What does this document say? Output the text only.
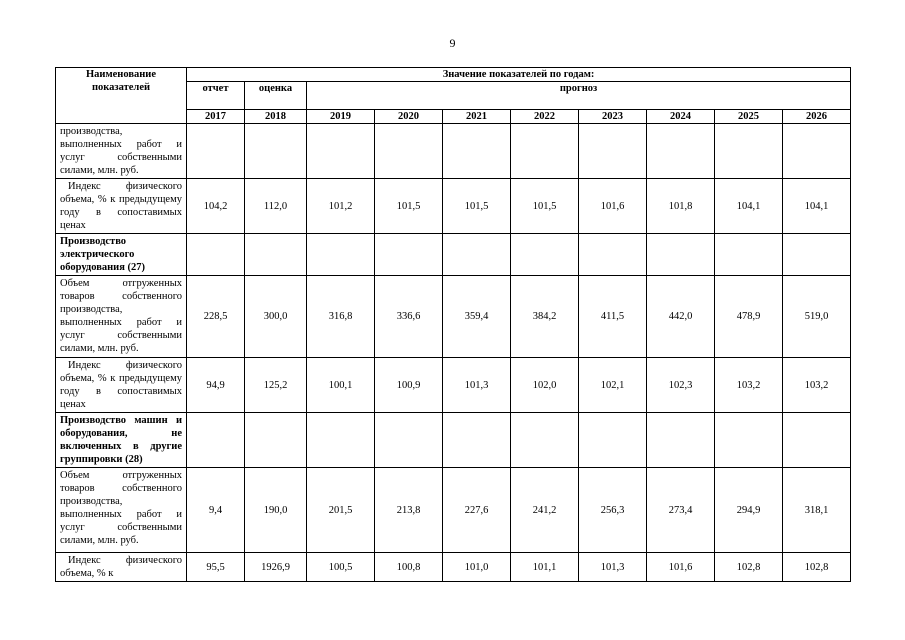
9
Наименование показателей	Значение показателей по годам:									
	отчет	оценка	прогноз							
	2017	2018	2019	2020	2021	2022	2023	2024	2025	2026
производства, выполненных работ и услуг собственными силами, млн. руб.										
Индекс физического объема, % к предыдущему году в сопоставимых ценах	104,2	112,0	101,2	101,5	101,5	101,5	101,6	101,8	104,1	104,1
Производство электрического оборудования (27)										
Объем отгруженных товаров собственного производства, выполненных работ и услуг собственными силами, млн. руб.	228,5	300,0	316,8	336,6	359,4	384,2	411,5	442,0	478,9	519,0
Индекс физического объема, % к предыдущему году в сопоставимых ценах	94,9	125,2	100,1	100,9	101,3	102,0	102,1	102,3	103,2	103,2
Производство машин и оборудования, не включенных в другие группировки (28)										
Объем отгруженных товаров собственного производства, выполненных работ и услуг собственными силами, млн. руб.	9,4	190,0	201,5	213,8	227,6	241,2	256,3	273,4	294,9	318,1
Индекс физического объема, % к	95,5	1926,9	100,5	100,8	101,0	101,1	101,3	101,6	102,8	102,8
